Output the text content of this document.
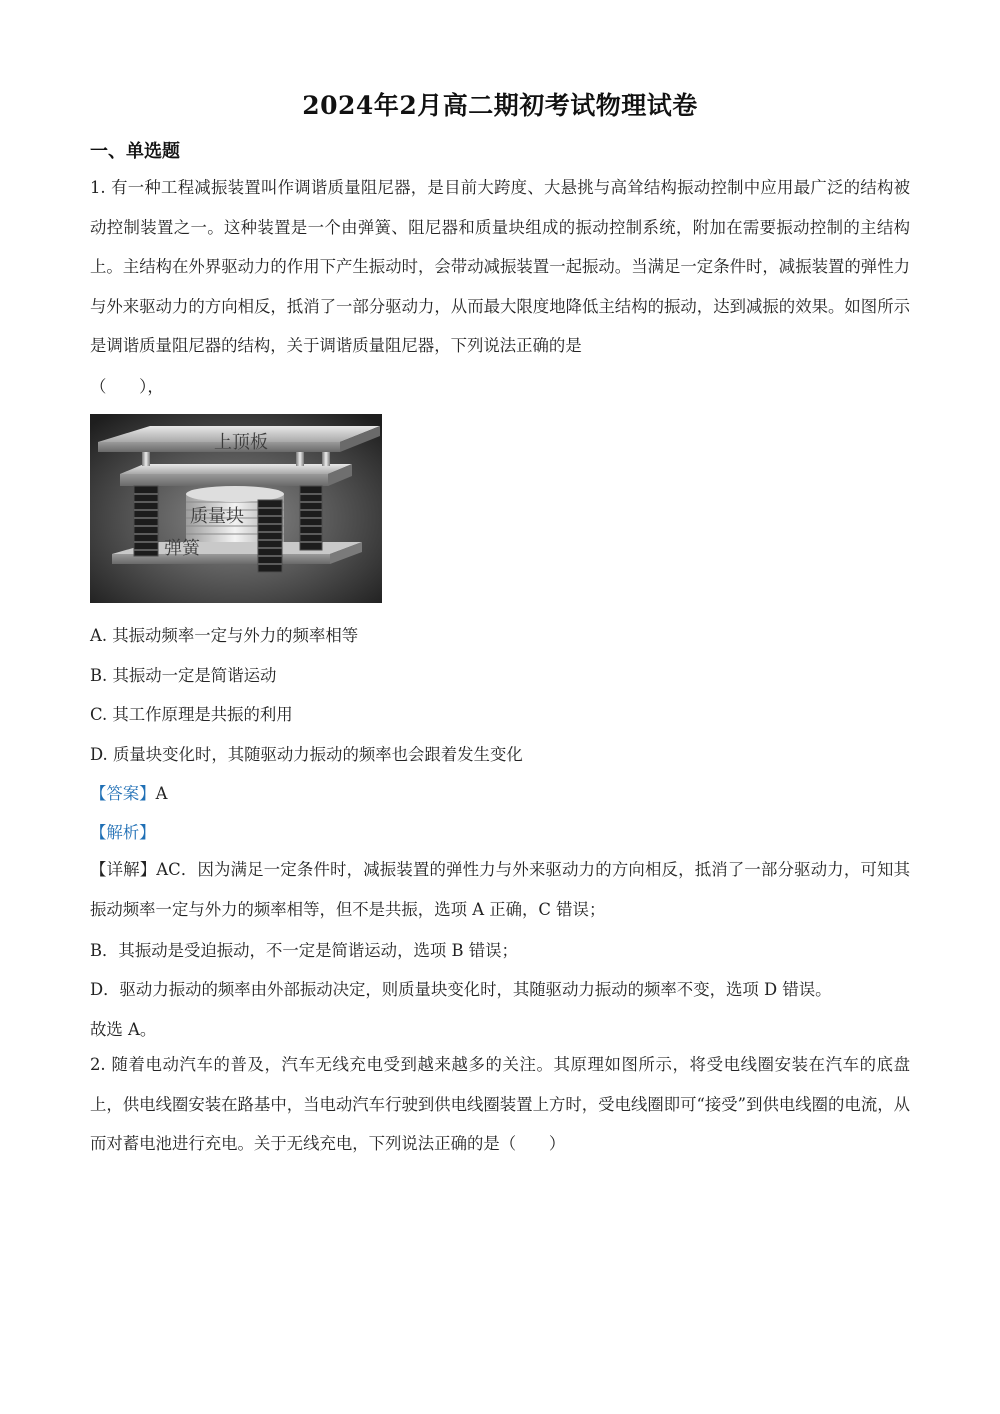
2024年2月高二期初考试物理试卷
一、单选题

1. 有一种工程减振装置叫作调谐质量阻尼器，是目前大跨度、大悬挑与高耸结构振动控制中应用最广泛的结构被动控制装置之一。这种装置是一个由弹簧、阻尼器和质量块组成的振动控制系统，附加在需要振动控制的主结构上。主结构在外界驱动力的作用下产生振动时，会带动减振装置一起振动。当满足一定条件时，减振装置的弹性力与外来驱动力的方向相反，抵消了一部分驱动力，从而最大限度地降低主结构的振动，达到减振的效果。如图所示是调谐质量阻尼器的结构，关于调谐质量阻尼器，下列说法正确的是

（　　），
上顶板
质量块
弹簧
A. 其振动频率一定与外力的频率相等
B. 其振动一定是简谐运动
C. 其工作原理是共振的利用
D. 质量块变化时，其随驱动力振动的频率也会跟着发生变化
【答案】A
【解析】

【详解】AC．因为满足一定条件时，减振装置的弹性力与外来驱动力的方向相反，抵消了一部分驱动力，可知其振动频率一定与外力的频率相等，但不是共振，选项 A 正确，C 错误；

B．其振动是受迫振动，不一定是简谐运动，选项 B 错误；
D．驱动力振动的频率由外部振动决定，则质量块变化时，其随驱动力振动的频率不变，选项 D 错误。
故选 A。

2. 随着电动汽车的普及，汽车无线充电受到越来越多的关注。其原理如图所示，将受电线圈安装在汽车的底盘上，供电线圈安装在路基中，当电动汽车行驶到供电线圈装置上方时，受电线圈即可“接受”到供电线圈的电流，从而对蓄电池进行充电。关于无线充电，下列说法正确的是（　　）
